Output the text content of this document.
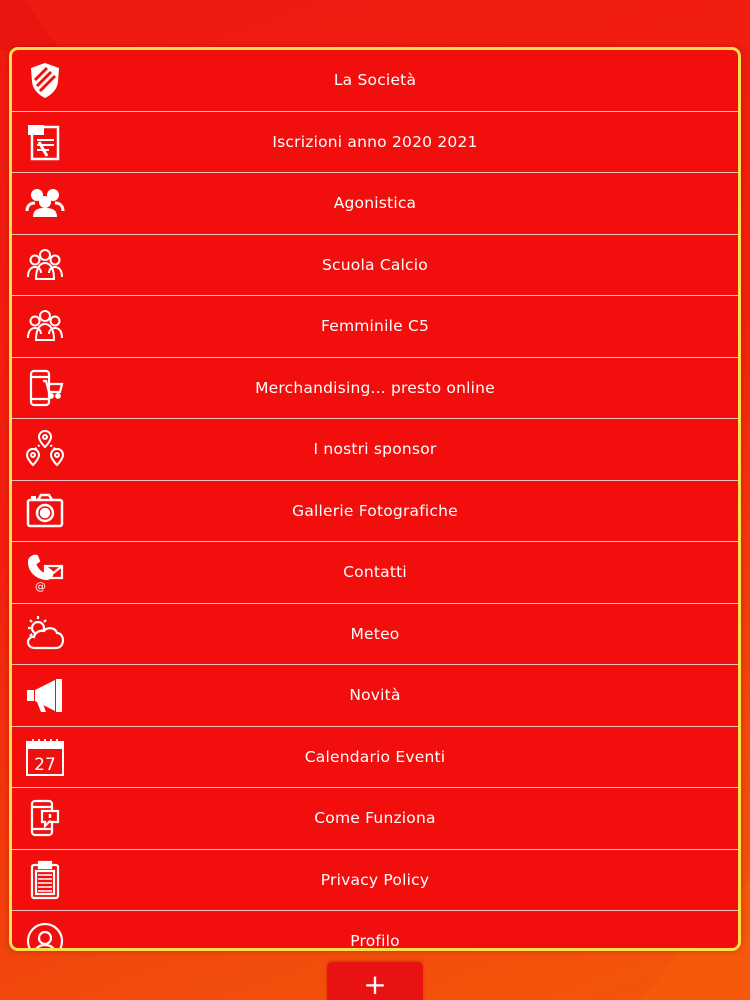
La Società
Iscrizioni anno 2020 2021
Agonistica
Scuola Calcio
Femminile C5
Merchandising... presto online
I nostri sponsor
Gallerie Fotografiche
@
Contatti
Meteo
Novità
27	Calendario Eventi
Come Funziona
Privacy Policy
Profilo
+
